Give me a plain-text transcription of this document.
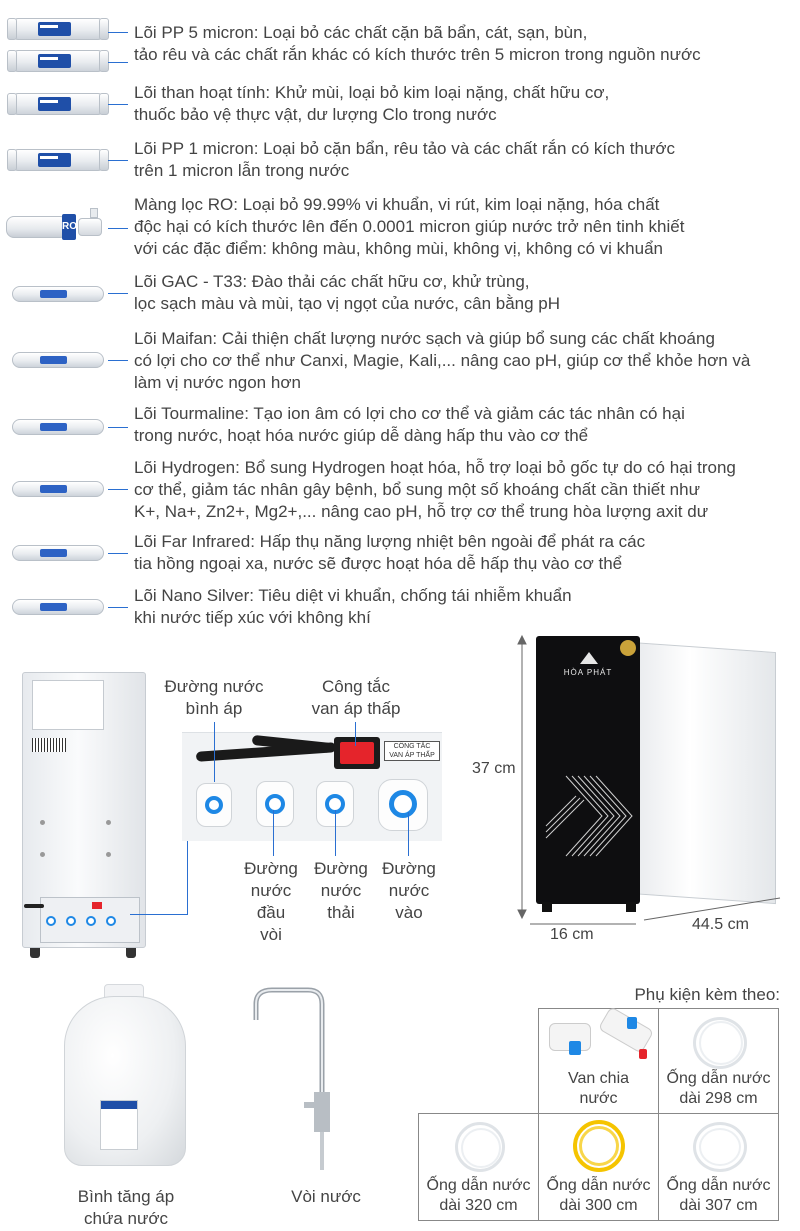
Lõi PP 5 micron: Loại bỏ các chất cặn bã bẩn, cát, sạn, bùn,
tảo rêu và các chất rắn khác có kích thước trên 5 micron trong nguồn nước
Lõi than hoạt tính: Khử mùi, loại bỏ kim loại nặng, chất hữu cơ,
thuốc bảo vệ thực vật, dư lượng Clo trong nước
Lõi PP 1 micron: Loại bỏ cặn bẩn, rêu tảo và các chất rắn có kích thước
trên 1 micron lẫn trong nước
RO
Màng lọc RO: Loại bỏ 99.99% vi khuẩn, vi rút, kim loại nặng, hóa chất
độc hại có kích thước lên đến 0.0001 micron giúp nước trở nên tinh khiết
với các đặc điểm: không màu, không mùi, không vị, không có vi khuẩn
Lõi GAC - T33: Đào thải các chất hữu cơ, khử trùng,
lọc sạch màu và mùi, tạo vị ngọt của nước, cân bằng pH
Lõi Maifan: Cải thiện chất lượng nước sạch và giúp bổ sung các chất khoáng
có lợi cho cơ thể như Canxi, Magie, Kali,... nâng cao pH, giúp cơ thể khỏe hơn và
làm vị nước ngon hơn
Lõi Tourmaline: Tạo ion âm có lợi cho cơ thể và giảm các tác nhân có hại
trong nước, hoạt hóa nước giúp dễ dàng hấp thu vào cơ thể
Lõi Hydrogen: Bổ sung Hydrogen hoạt hóa, hỗ trợ loại bỏ gốc tự do có hại trong
cơ thể, giảm tác nhân gây bệnh, bổ sung một số khoáng chất cần thiết như
K+, Na+, Zn2+, Mg2+,... nâng cao pH, hỗ trợ cơ thể trung hòa lượng axit dư
Lõi Far Infrared: Hấp thụ năng lượng nhiệt bên ngoài để phát ra các
tia hồng ngoại xa, nước sẽ được hoạt hóa dễ hấp thụ vào cơ thể
Lõi Nano Silver: Tiêu diệt vi khuẩn, chống tái nhiễm khuẩn
khi nước tiếp xúc với không khí
CÔNG TẮC
VAN ÁP THẤP
Đường nước
bình áp
Công tắc
van áp thấp
Đường
nước
đầu
vòi
Đường
nước
thải
Đường
nước
vào
HÒA PHÁT
37 cm
16 cm
44.5 cm
Phụ kiện kèm theo:
Bình tăng áp
chứa nước
Vòi nước
Van chia
nước
Ống dẫn nước
dài 298 cm
Ống dẫn nước
dài 320 cm
Ống dẫn nước
dài 300 cm
Ống dẫn nước
dài 307 cm
